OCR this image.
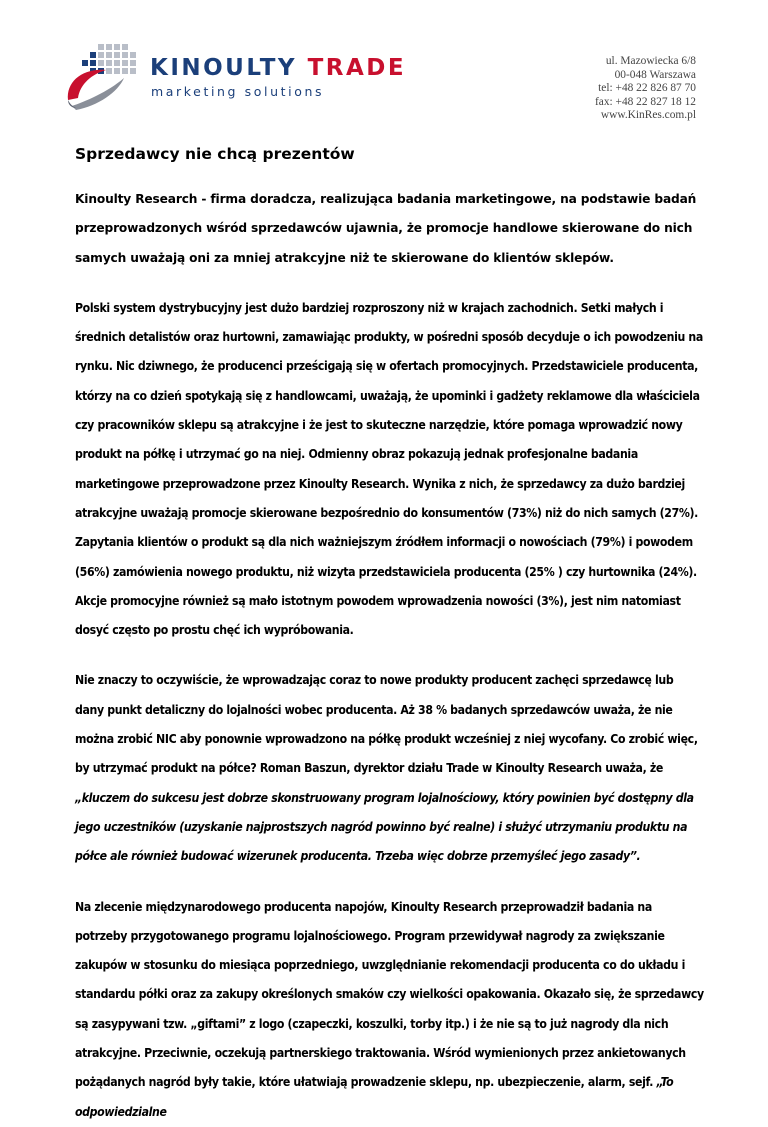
KINOULTY TRADE
marketing solutions
ul. Mazowiecka 6/8
00-048 Warszawa
tel: +48 22 826 87 70
fax: +48 22 827 18 12
www.KinRes.com.pl
Sprzedawcy nie chcą prezentów

Kinoulty Research - firma doradcza, realizująca badania marketingowe, na podstawie badań przeprowadzonych wśród sprzedawców ujawnia, że promocje handlowe skierowane do nich samych uważają oni za mniej atrakcyjne niż te skierowane do klientów sklepów.

Polski system dystrybucyjny jest dużo bardziej rozproszony niż w krajach zachodnich. Setki małych i średnich detalistów oraz hurtowni, zamawiając produkty, w pośredni sposób decyduje o ich powodzeniu na rynku. Nic dziwnego, że producenci prześcigają się w ofertach promocyjnych. Przedstawiciele producenta, którzy na co dzień spotykają się z handlowcami, uważają, że upominki i gadżety reklamowe dla właściciela czy pracowników sklepu są atrakcyjne i że jest to skuteczne narzędzie, które pomaga wprowadzić nowy produkt na półkę i utrzymać go na niej. Odmienny obraz pokazują jednak profesjonalne badania marketingowe przeprowadzone przez Kinoulty Research. Wynika z nich, że sprzedawcy za dużo bardziej atrakcyjne uważają promocje skierowane bezpośrednio do konsumentów (73%) niż do nich samych (27%). Zapytania klientów o produkt są dla nich ważniejszym źródłem informacji o nowościach (79%) i powodem (56%) zamówienia nowego produktu, niż wizyta przedstawiciela producenta (25% ) czy hurtownika (24%). Akcje promocyjne również są mało istotnym powodem wprowadzenia nowości (3%), jest nim natomiast dosyć często po prostu chęć ich wypróbowania.

Nie znaczy to oczywiście, że wprowadzając coraz to nowe produkty producent zachęci sprzedawcę lub dany punkt detaliczny do lojalności wobec producenta. Aż 38 % badanych sprzedawców uważa, że nie można zrobić NIC aby ponownie wprowadzono na półkę produkt wcześniej z niej wycofany. Co zrobić więc, by utrzymać produkt na półce? Roman Baszun, dyrektor działu Trade w Kinoulty Research uważa, że „kluczem do sukcesu jest dobrze skonstruowany program lojalnościowy, który powinien być dostępny dla jego uczestników (uzyskanie najprostszych nagród powinno być realne) i służyć utrzymaniu produktu na półce ale również budować wizerunek producenta. Trzeba więc dobrze przemyśleć jego zasady”.

Na zlecenie międzynarodowego producenta napojów, Kinoulty Research przeprowadził badania na potrzeby przygotowanego programu lojalnościowego. Program przewidywał nagrody za zwiększanie zakupów w stosunku do miesiąca poprzedniego, uwzględnianie rekomendacji producenta co do układu i standardu półki oraz za zakupy określonych smaków czy wielkości opakowania. Okazało się, że sprzedawcy są zasypywani tzw. „giftami” z logo (czapeczki, koszulki, torby itp.) i że nie są to już nagrody dla nich atrakcyjne. Przeciwnie, oczekują partnerskiego traktowania. Wśród wymienionych przez ankietowanych pożądanych nagród były takie, które ułatwiają prowadzenie sklepu, np. ubezpieczenie, alarm, sejf. „To odpowiedzialne
